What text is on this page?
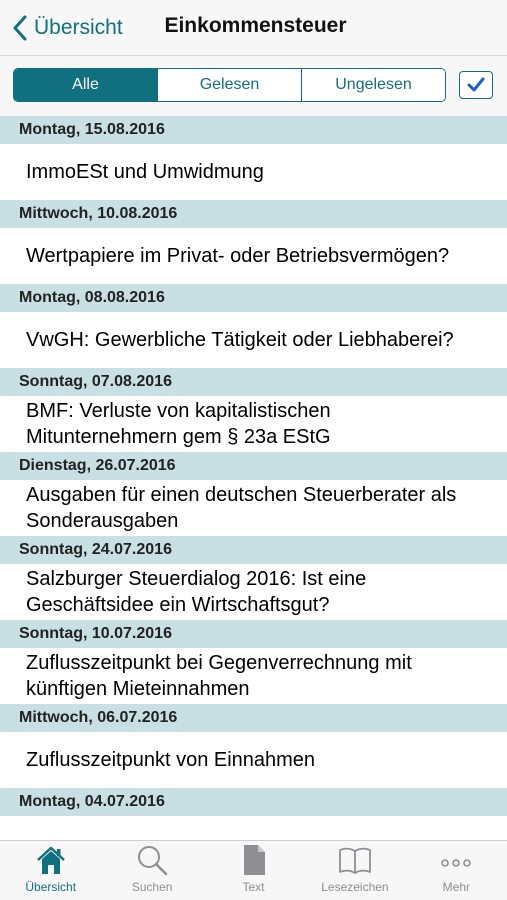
Übersicht	Einkommensteuer
Alle	Gelesen	Ungelesen
Montag, 15.08.2016
ImmoESt und Umwidmung
Mittwoch, 10.08.2016
Wertpapiere im Privat- oder Betriebsvermögen?
Montag, 08.08.2016
VwGH: Gewerbliche Tätigkeit oder Liebhaberei?
Sonntag, 07.08.2016
BMF: Verluste von kapitalistischen Mitunternehmern gem § 23a EStG
Dienstag, 26.07.2016
Ausgaben für einen deutschen Steuerberater als Sonderausgaben
Sonntag, 24.07.2016
Salzburger Steuerdialog 2016: Ist eine Geschäftsidee ein Wirtschaftsgut?
Sonntag, 10.07.2016
Zuflusszeitpunkt bei Gegenverrechnung mit künftigen Mieteinnahmen
Mittwoch, 06.07.2016
Zuflusszeitpunkt von Einnahmen
Montag, 04.07.2016
Übersicht	Suchen	Text	Lesezeichen	Mehr
